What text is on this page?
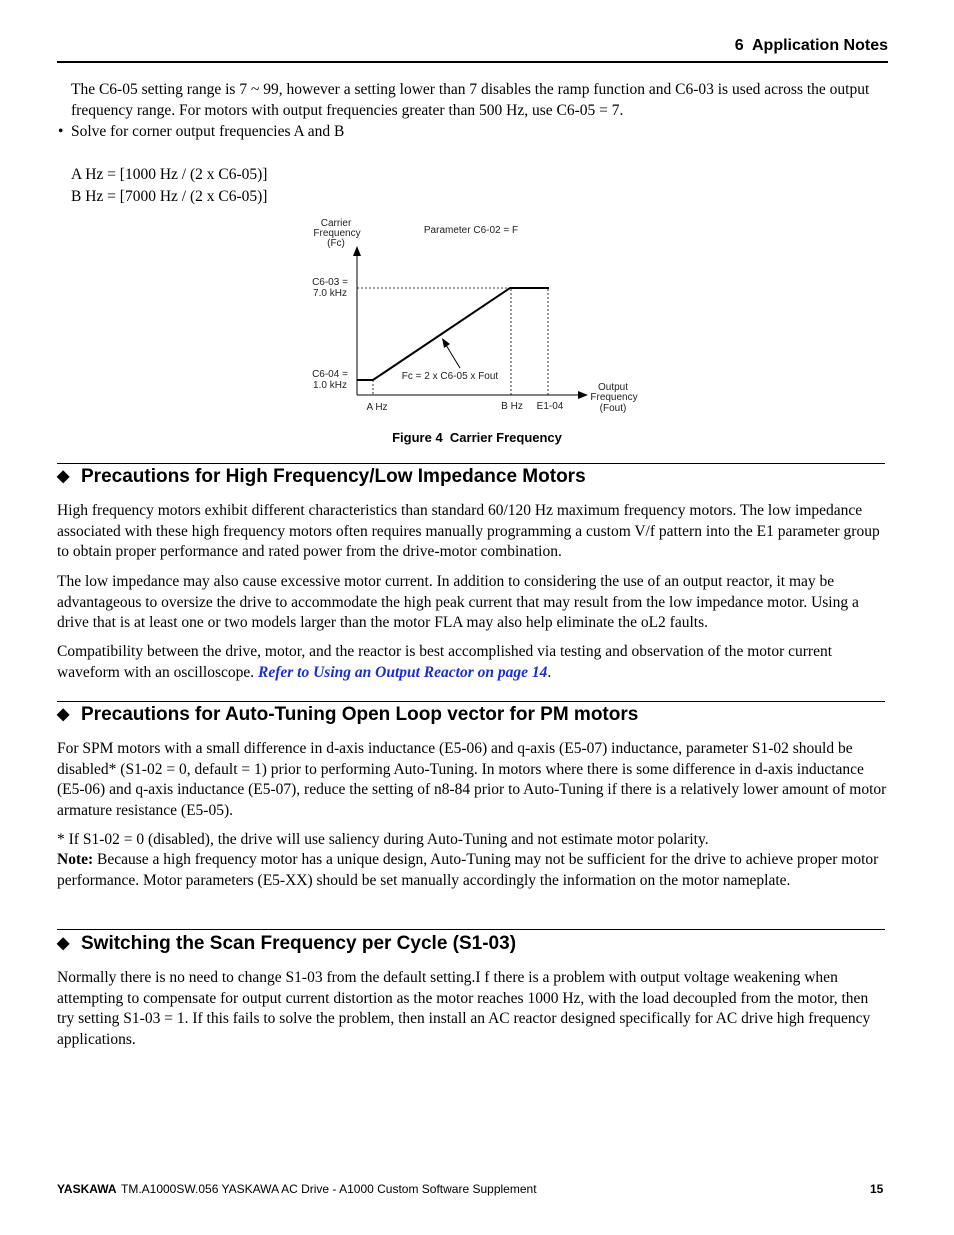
6  Application Notes
The C6-05 setting range is 7 ~ 99, however a setting lower than 7 disables the ramp function and C6-03 is used across the output frequency range. For motors with output frequencies greater than 500 Hz, use C6-05 = 7.
• Solve for corner output frequencies A and B
A Hz = [1000 Hz / (2 x C6-05)]
B Hz = [7000 Hz / (2 x C6-05)]
Parameter C6-02 = F
Carrier
Frequency
(Fc)
C6-03 =
7.0 kHz
C6-04 =
1.0 kHz
A Hz	B Hz E1-04
Output
Frequency
(Fout)
Fc = 2 x C6-05 x Fout
Figure 4  Carrier Frequency
◆ Precautions for High Frequency/Low Impedance Motors
High frequency motors exhibit different characteristics than standard 60/120 Hz maximum frequency motors. The low impedance associated with these high frequency motors often requires manually programming a custom V/f pattern into the E1 parameter group to obtain proper performance and rated power from the drive-motor combination.
The low impedance may also cause excessive motor current. In addition to considering the use of an output reactor, it may be advantageous to oversize the drive to accommodate the high peak current that may result from the low impedance motor. Using a drive that is at least one or two models larger than the motor FLA may also help eliminate the oL2 faults.
Compatibility between the drive, motor, and the reactor is best accomplished via testing and observation of the motor current waveform with an oscilloscope. Refer to Using an Output Reactor on page 14.
◆ Precautions for Auto-Tuning Open Loop vector for PM motors
For SPM motors with a small difference in d-axis inductance (E5-06) and q-axis (E5-07) inductance, parameter S1-02 should be disabled* (S1-02 = 0, default = 1) prior to performing Auto-Tuning. In motors where there is some difference in d-axis inductance (E5-06) and q-axis inductance (E5-07), reduce the setting of n8-84 prior to Auto-Tuning if there is a relatively lower amount of motor armature resistance (E5-05).
* If S1-02 = 0 (disabled), the drive will use saliency during Auto-Tuning and not estimate motor polarity.
Note: Because a high frequency motor has a unique design, Auto-Tuning may not be sufficient for the drive to achieve proper motor performance. Motor parameters (E5-XX) should be set manually accordingly the information on the motor nameplate.
◆ Switching the Scan Frequency per Cycle (S1-03)
Normally there is no need to change S1-03 from the default setting.I f there is a problem with output voltage weakening when attempting to compensate for output current distortion as the motor reaches 1000 Hz, with the load decoupled from the motor, then try setting S1-03 = 1. If this fails to solve the problem, then install an AC reactor designed specifically for AC drive high frequency applications.
YASKAWA TM.A1000SW.056 YASKAWA AC Drive - A1000 Custom Software Supplement	15
